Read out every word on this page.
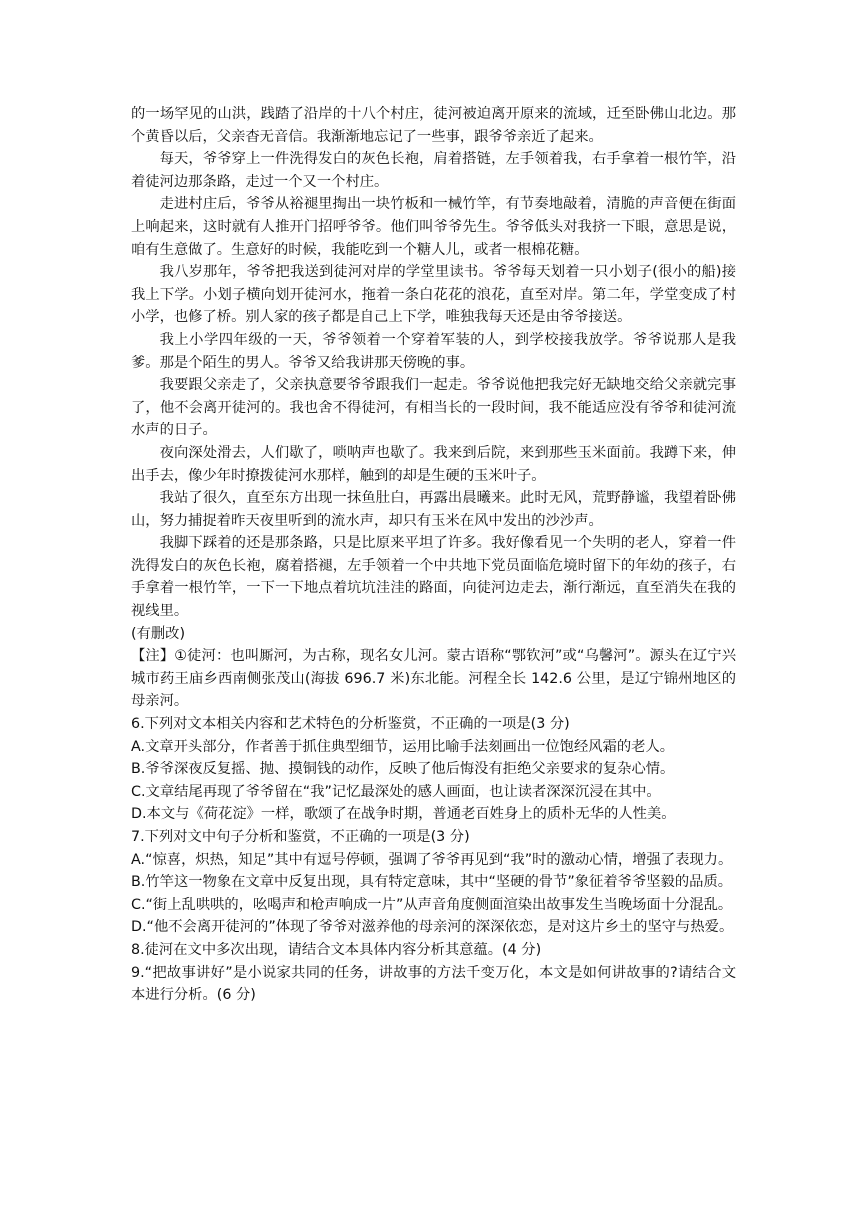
的一场罕见的山洪，践踏了沿岸的十八个村庄，徒河被迫离开原来的流域，迁至卧佛山北边。那个黄昏以后，父亲杳无音信。我渐渐地忘记了一些事，跟爷爷亲近了起来。

每天，爷爷穿上一件洗得发白的灰色长袍，肩着搭链，左手领着我，右手拿着一根竹竿，沿着徒河边那条路，走过一个又一个村庄。

走进村庄后，爷爷从裕褪里掏出一块竹板和一械竹竿，有节奏地敲着，清脆的声音便在街面上响起来，这时就有人推开门招呼爷爷。他们叫爷爷先生。爷爷低头对我挤一下眼，意思是说，咱有生意做了。生意好的时候，我能吃到一个糖人儿，或者一根棉花糖。

我八岁那年，爷爷把我送到徒河对岸的学堂里读书。爷爷每天划着一只小划子(很小的船)接我上下学。小划子横向划开徒河水，拖着一条白花花的浪花，直至对岸。第二年，学堂变成了村小学，也修了桥。别人家的孩子都是自己上下学，唯独我每天还是由爷爷接送。

我上小学四年级的一天，爷爷领着一个穿着军装的人，到学校接我放学。爷爷说那人是我爹。那是个陌生的男人。爷爷又给我讲那天傍晚的事。

我要跟父亲走了，父亲执意要爷爷跟我们一起走。爷爷说他把我完好无缺地交给父亲就完事了，他不会离开徒河的。我也舍不得徒河，有相当长的一段时间，我不能适应没有爷爷和徒河流水声的日子。

夜向深处滑去，人们歇了，唢呐声也歇了。我来到后院，来到那些玉米面前。我蹲下来，伸出手去，像少年时撩拨徒河水那样，触到的却是生硬的玉米叶子。

我站了很久，直至东方出现一抹鱼肚白，再露出晨曦来。此时无风，荒野静谧，我望着卧佛山，努力捕捉着昨天夜里听到的流水声，却只有玉米在风中发出的沙沙声。

我脚下踩着的还是那条路，只是比原来平坦了许多。我好像看见一个失明的老人，穿着一件洗得发白的灰色长袍，腐着搭褪，左手领着一个中共地下党员面临危境时留下的年幼的孩子，右手拿着一根竹竿，一下一下地点着坑坑洼洼的路面，向徒河边走去，渐行渐远，直至消失在我的视线里。

(有删改)

【注】①徒河：也叫厮河，为古称，现名女儿河。蒙古语称“鄂钦河”或“乌馨河”。源头在辽宁兴城市药王庙乡西南侧张茂山(海拔 696.7 米)东北能。河程全长 142.6 公里，是辽宁锦州地区的母亲河。

6.下列对文本相关内容和艺术特色的分析鉴赏，不正确的一项是(3 分)

A.文章开头部分，作者善于抓住典型细节，运用比喻手法刻画出一位饱经风霜的老人。

B.爷爷深夜反复摇、抛、摸铜钱的动作，反映了他后悔没有拒绝父亲要求的复杂心情。

C.文章结尾再现了爷爷留在“我”记忆最深处的感人画面，也让读者深深沉浸在其中。

D.本文与《荷花淀》一样，歌颂了在战争时期，普通老百姓身上的质朴无华的人性美。

7.下列对文中句子分析和鉴赏，不正确的一项是(3 分)

A.“惊喜，炽热，知足”其中有逗号停顿，强调了爷爷再见到“我”时的激动心情，增强了表现力。

B.竹竿这一物象在文章中反复出现，具有特定意味，其中“坚硬的骨节”象征着爷爷坚毅的品质。

C.“街上乱哄哄的，吆喝声和枪声响成一片”从声音角度侧面渲染出故事发生当晚场面十分混乱。

D.“他不会离开徒河的”体现了爷爷对滋养他的母亲河的深深依恋，是对这片乡土的坚守与热爱。

8.徒河在文中多次出现，请结合文本具体内容分析其意蕴。(4 分)

9.“把故事讲好”是小说家共同的任务，讲故事的方法千变万化，本文是如何讲故事的?请结合文本进行分析。(6 分)
